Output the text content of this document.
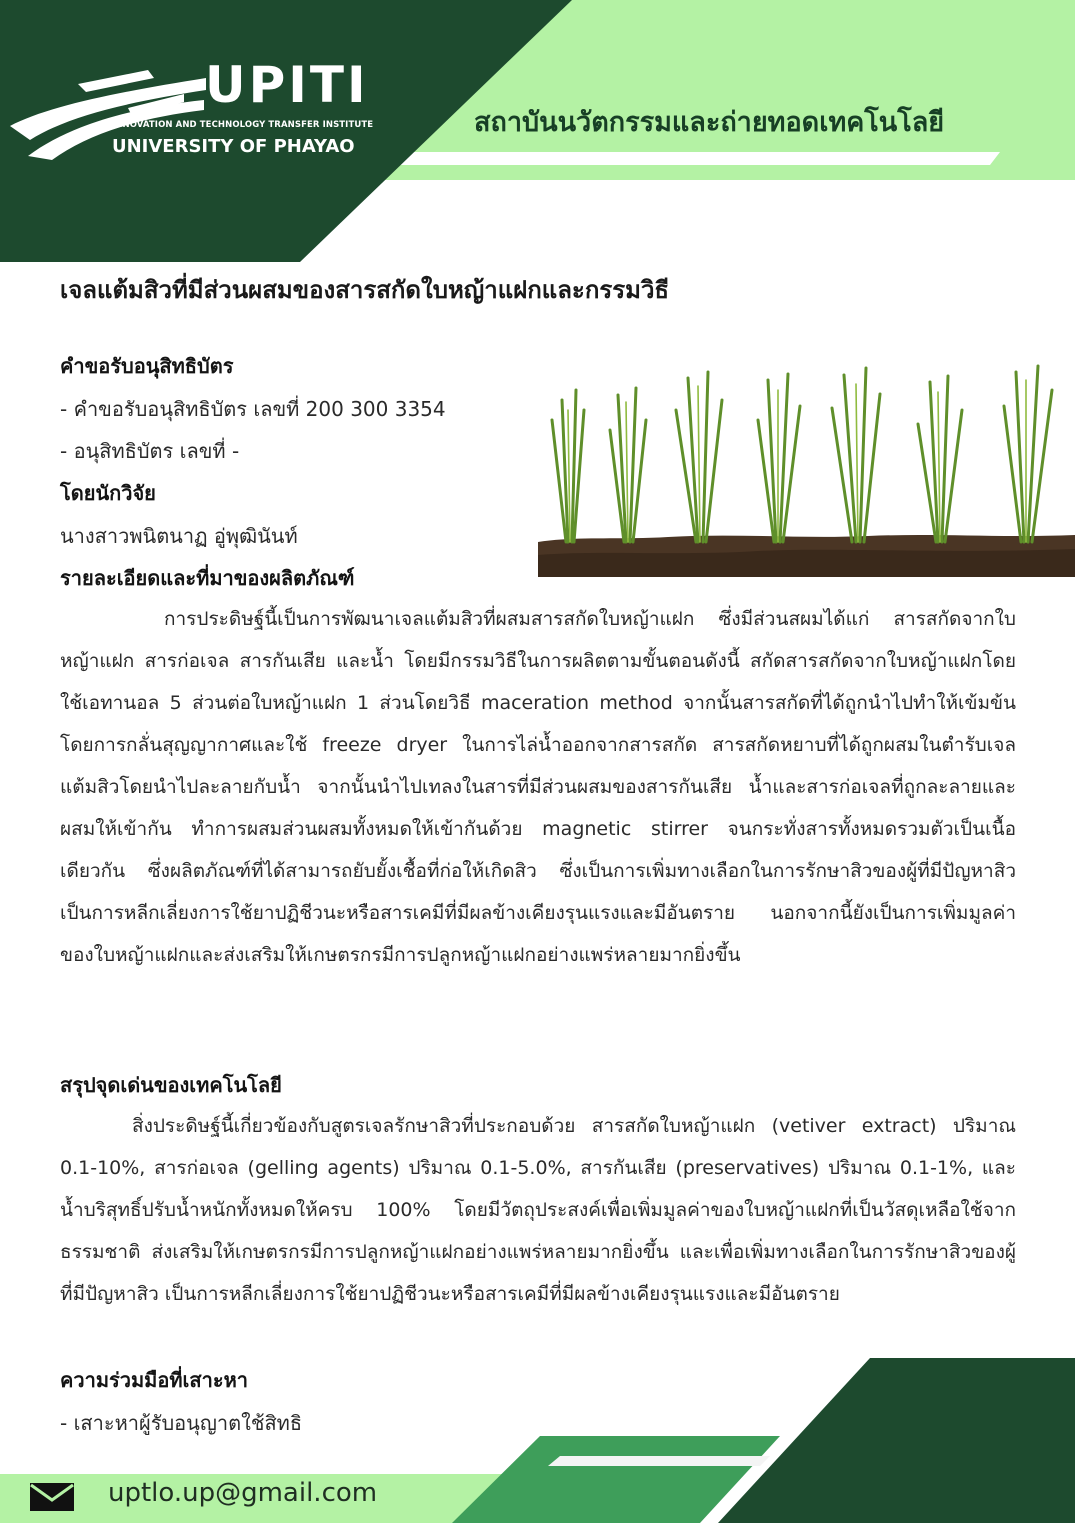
UPITI
INNOVATION AND TECHNOLOGY TRANSFER INSTITUTE
UNIVERSITY OF PHAYAO
สถาบันนวัตกรรมและถ่ายทอดเทคโนโลยี
เจลแต้มสิวที่มีส่วนผสมของสารสกัดใบหญ้าแฝกและกรรมวิธี
คำขอรับอนุสิทธิบัตร
- คำขอรับอนุสิทธิบัตร เลขที่ 200 300 3354
- อนุสิทธิบัตร เลขที่ -
โดยนักวิจัย
นางสาวพนิตนาฏ อู่พุฒินันท์
รายละเอียดและที่มาของผลิตภัณฑ์

การประดิษฐ์นี้เป็นการพัฒนาเจลแต้มสิวที่ผสมสารสกัดใบหญ้าแฝก ซึ่งมีส่วนสผมได้แก่ สารสกัดจากใบหญ้าแฝก สารก่อเจล สารกันเสีย และน้ำ โดยมีกรรมวิธีในการผลิตตามขั้นตอนดังนี้ สกัดสารสกัดจากใบหญ้าแฝกโดยใช้เอทานอล 5 ส่วนต่อใบหญ้าแฝก 1 ส่วนโดยวิธี maceration method จากนั้นสารสกัดที่ได้ถูกนำไปทำให้เข้มข้นโดยการกลั่นสุญญากาศและใช้ freeze dryer ในการไล่น้ำออกจากสารสกัด สารสกัดหยาบที่ได้ถูกผสมในตำรับเจลแต้มสิวโดยนำไปละลายกับน้ำ จากนั้นนำไปเทลงในสารที่มีส่วนผสมของสารกันเสีย น้ำและสารก่อเจลที่ถูกละลายและผสมให้เข้ากัน ทำการผสมส่วนผสมทั้งหมดให้เข้ากันด้วย magnetic stirrer จนกระทั่งสารทั้งหมดรวมตัวเป็นเนื้อเดียวกัน ซึ่งผลิตภัณฑ์ที่ได้สามารถยับยั้งเชื้อที่ก่อให้เกิดสิว ซึ่งเป็นการเพิ่มทางเลือกในการรักษาสิวของผู้ที่มีปัญหาสิว เป็นการหลีกเลี่ยงการใช้ยาปฏิชีวนะหรือสารเคมีที่มีผลข้างเคียงรุนแรงและมีอันตราย นอกจากนี้ยังเป็นการเพิ่มมูลค่าของใบหญ้าแฝกและส่งเสริมให้เกษตรกรมีการปลูกหญ้าแฝกอย่างแพร่หลายมากยิ่งขึ้น

สรุปจุดเด่นของเทคโนโลยี

สิ่งประดิษฐ์นี้เกี่ยวข้องกับสูตรเจลรักษาสิวที่ประกอบด้วย สารสกัดใบหญ้าแฝก (vetiver extract) ปริมาณ 0.1-10%, สารก่อเจล (gelling agents) ปริมาณ 0.1-5.0%, สารกันเสีย (preservatives) ปริมาณ 0.1-1%, และ น้ำบริสุทธิ์ปรับน้ำหนักทั้งหมดให้ครบ 100% โดยมีวัตถุประสงค์เพื่อเพิ่มมูลค่าของใบหญ้าแฝกที่เป็นวัสดุเหลือใช้จากธรรมชาติ ส่งเสริมให้เกษตรกรมีการปลูกหญ้าแฝกอย่างแพร่หลายมากยิ่งขึ้น และเพื่อเพิ่มทางเลือกในการรักษาสิวของผู้ที่มีปัญหาสิว เป็นการหลีกเลี่ยงการใช้ยาปฏิชีวนะหรือสารเคมีที่มีผลข้างเคียงรุนแรงและมีอันตราย

ความร่วมมือที่เสาะหา
- เสาะหาผู้รับอนุญาตใช้สิทธิ
uptlo.up@gmail.com
